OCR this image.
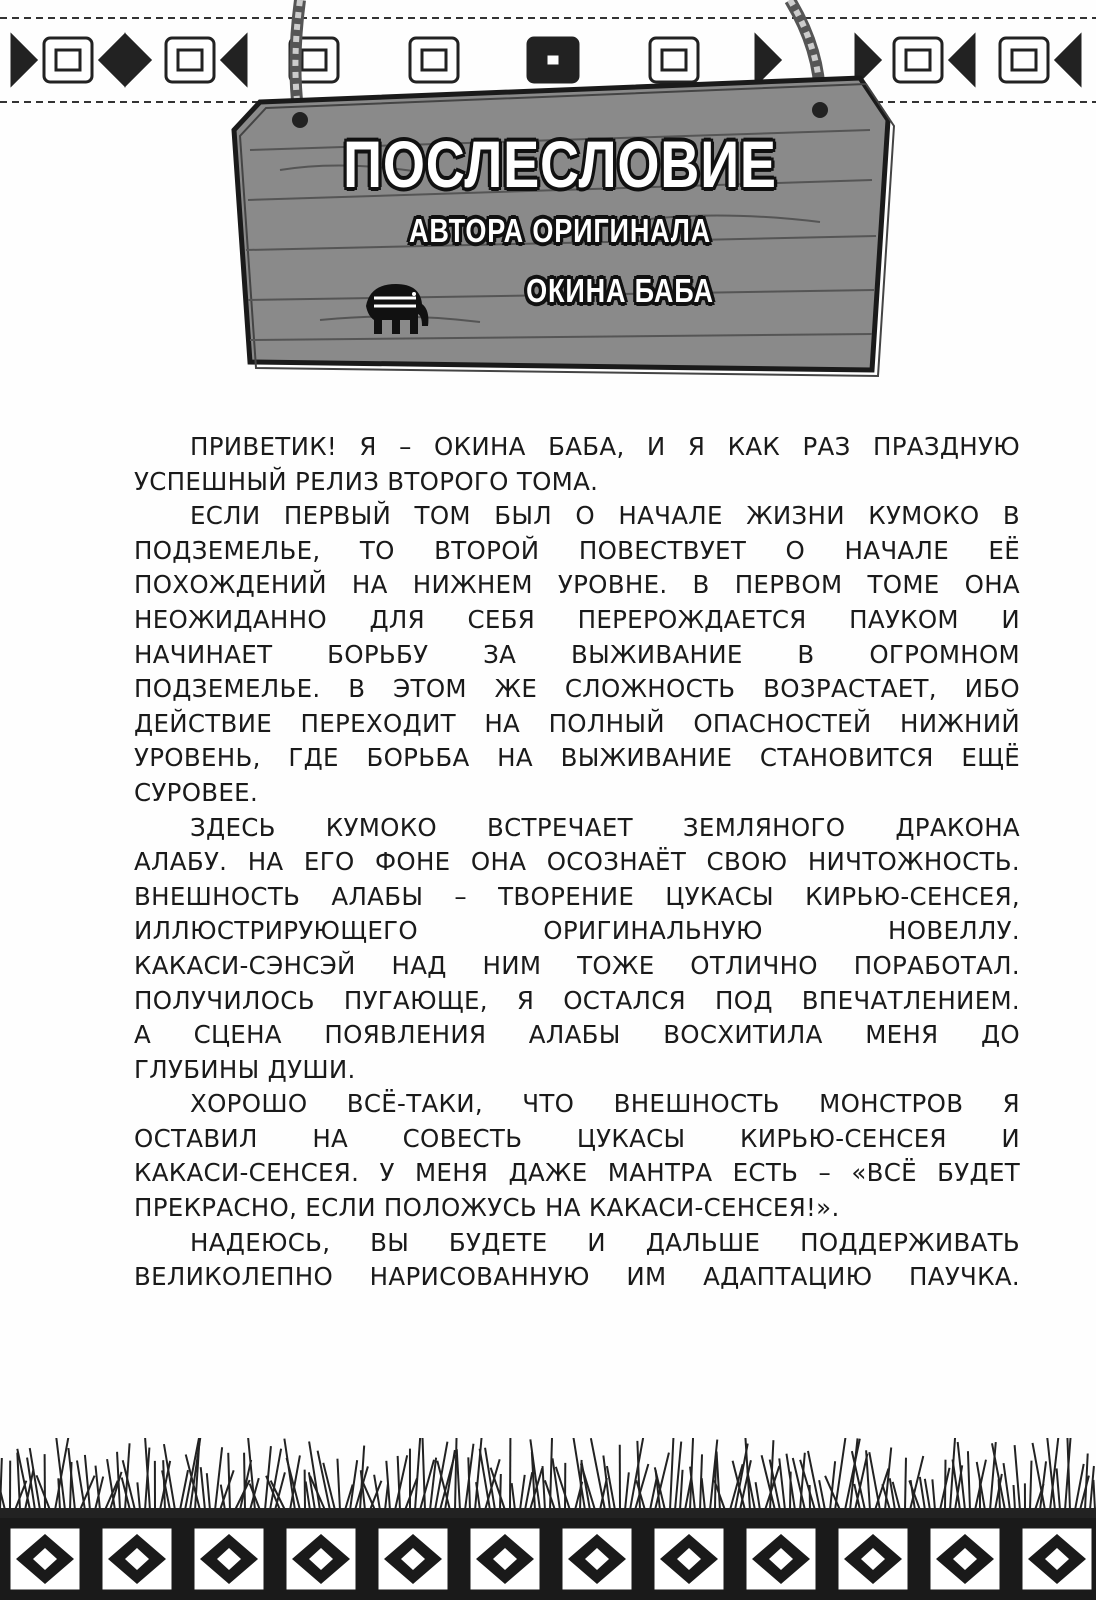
ПОСЛЕСЛОВИЕ
АВТОРА ОРИГИНАЛА
ОКИНА БАБА

ПРИВЕТИК! Я – ОКИНА БАБА, И Я КАК РАЗ ПРАЗДНУЮ
УСПЕШНЫЙ РЕЛИЗ ВТОРОГО ТОМА.

ЕСЛИ ПЕРВЫЙ ТОМ БЫЛ О НАЧАЛЕ ЖИЗНИ КУМОКО В
ПОДЗЕМЕЛЬЕ, ТО ВТОРОЙ ПОВЕСТВУЕТ О НАЧАЛЕ ЕЁ
ПОХОЖДЕНИЙ НА НИЖНЕМ УРОВНЕ. В ПЕРВОМ ТОМЕ ОНА
НЕОЖИДАННО ДЛЯ СЕБЯ ПЕРЕРОЖДАЕТСЯ ПАУКОМ И
НАЧИНАЕТ БОРЬБУ ЗА ВЫЖИВАНИЕ В ОГРОМНОМ
ПОДЗЕМЕЛЬЕ. В ЭТОМ ЖЕ СЛОЖНОСТЬ ВОЗРАСТАЕТ, ИБО
ДЕЙСТВИЕ ПЕРЕХОДИТ НА ПОЛНЫЙ ОПАСНОСТЕЙ НИЖНИЙ
УРОВЕНЬ, ГДЕ БОРЬБА НА ВЫЖИВАНИЕ СТАНОВИТСЯ ЕЩЁ
СУРОВЕЕ.

ЗДЕСЬ КУМОКО ВСТРЕЧАЕТ ЗЕМЛЯНОГО ДРАКОНА
АЛАБУ. НА ЕГО ФОНЕ ОНА ОСОЗНАЁТ СВОЮ НИЧТОЖНОСТЬ.
ВНЕШНОСТЬ АЛАБЫ – ТВОРЕНИЕ ЦУКАСЫ КИРЬЮ-СЕНСЕЯ,
ИЛЛЮСТРИРУЮЩЕГО ОРИГИНАЛЬНУЮ НОВЕЛЛУ.
КАКАСИ-СЭНСЭЙ НАД НИМ ТОЖЕ ОТЛИЧНО ПОРАБОТАЛ.
ПОЛУЧИЛОСЬ ПУГАЮЩЕ, Я ОСТАЛСЯ ПОД ВПЕЧАТЛЕНИЕМ.
А СЦЕНА ПОЯВЛЕНИЯ АЛАБЫ ВОСХИТИЛА МЕНЯ ДО
ГЛУБИНЫ ДУШИ.

ХОРОШО ВСЁ-ТАКИ, ЧТО ВНЕШНОСТЬ МОНСТРОВ Я
ОСТАВИЛ НА СОВЕСТЬ ЦУКАСЫ КИРЬЮ-СЕНСЕЯ И
КАКАСИ-СЕНСЕЯ. У МЕНЯ ДАЖЕ МАНТРА ЕСТЬ – «ВСЁ БУДЕТ
ПРЕКРАСНО, ЕСЛИ ПОЛОЖУСЬ НА КАКАСИ-СЕНСЕЯ!».

НАДЕЮСЬ, ВЫ БУДЕТЕ И ДАЛЬШЕ ПОДДЕРЖИВАТЬ
ВЕЛИКОЛЕПНО НАРИСОВАННУЮ ИМ АДАПТАЦИЮ ПАУЧКА.
